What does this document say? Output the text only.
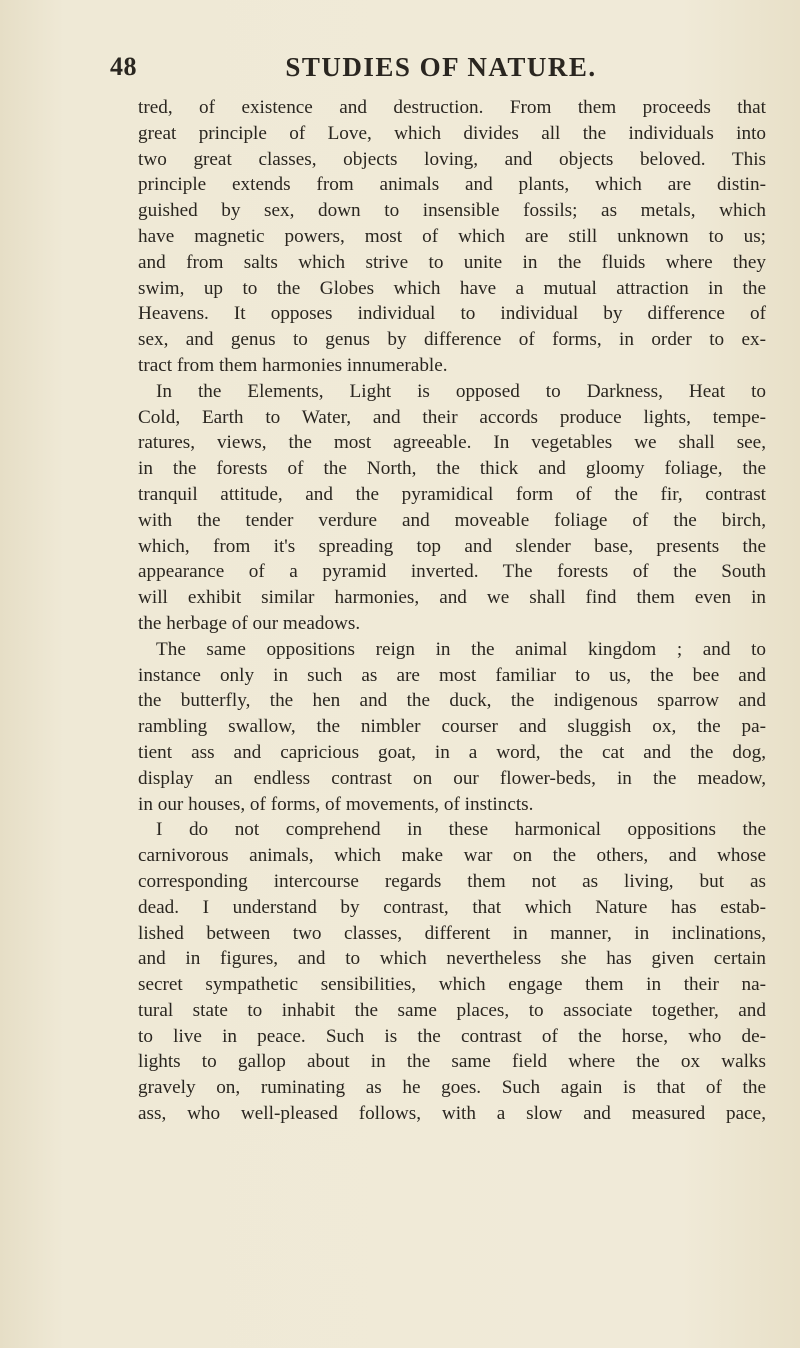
48	STUDIES OF NATURE.
tred, of existence and destruction. From them proceeds that
great principle of Love, which divides all the individuals into
two great classes, objects loving, and objects beloved. This
principle extends from animals and plants, which are distin-
guished by sex, down to insensible fossils; as metals, which
have magnetic powers, most of which are still unknown to us;
and from salts which strive to unite in the fluids where they
swim, up to the Globes which have a mutual attraction in the
Heavens. It opposes individual to individual by difference of
sex, and genus to genus by difference of forms, in order to ex-
tract from them harmonies innumerable.
In the Elements, Light is opposed to Darkness, Heat to
Cold, Earth to Water, and their accords produce lights, tempe-
ratures, views, the most agreeable. In vegetables we shall see,
in the forests of the North, the thick and gloomy foliage, the
tranquil attitude, and the pyramidical form of the fir, contrast
with the tender verdure and moveable foliage of the birch,
which, from it's spreading top and slender base, presents the
appearance of a pyramid inverted. The forests of the South
will exhibit similar harmonies, and we shall find them even in
the herbage of our meadows.
The same oppositions reign in the animal kingdom ; and to
instance only in such as are most familiar to us, the bee and
the butterfly, the hen and the duck, the indigenous sparrow and
rambling swallow, the nimbler courser and sluggish ox, the pa-
tient ass and capricious goat, in a word, the cat and the dog,
display an endless contrast on our flower-beds, in the meadow,
in our houses, of forms, of movements, of instincts.
I do not comprehend in these harmonical oppositions the
carnivorous animals, which make war on the others, and whose
corresponding intercourse regards them not as living, but as
dead. I understand by contrast, that which Nature has estab-
lished between two classes, different in manner, in inclinations,
and in figures, and to which nevertheless she has given certain
secret sympathetic sensibilities, which engage them in their na-
tural state to inhabit the same places, to associate together, and
to live in peace. Such is the contrast of the horse, who de-
lights to gallop about in the same field where the ox walks
gravely on, ruminating as he goes. Such again is that of the
ass, who well-pleased follows, with a slow and measured pace,
